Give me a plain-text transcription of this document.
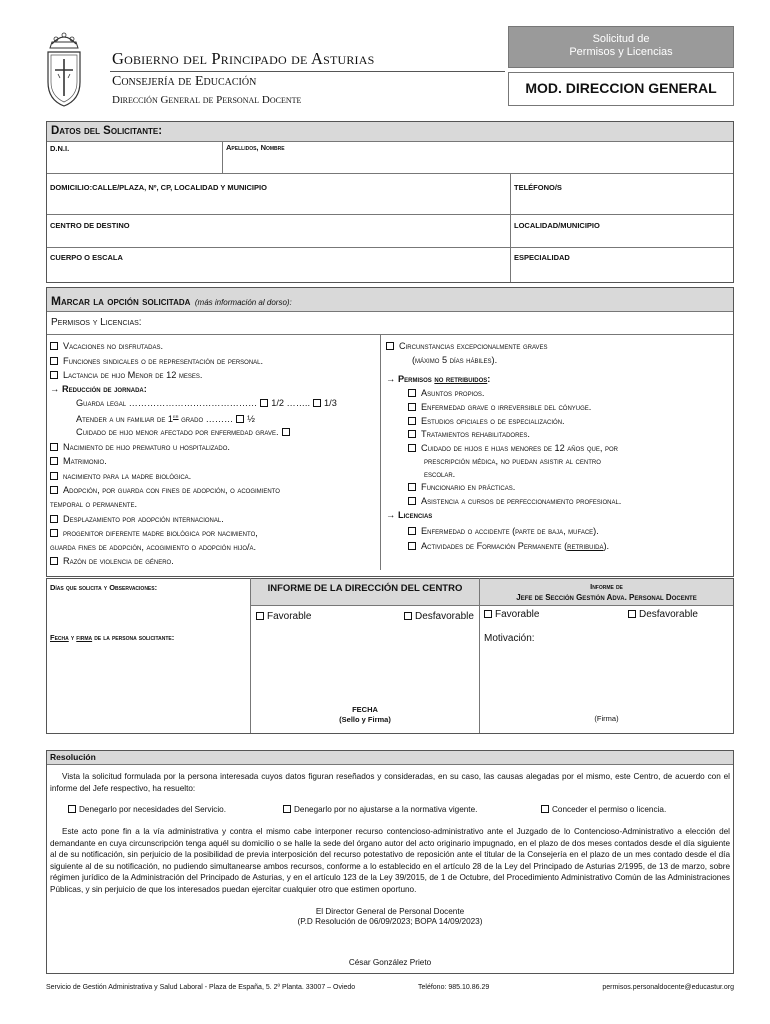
Gobierno del Principado de Asturias
Consejería de Educación
Dirección General de Personal Docente
Solicitud de
Permisos y Licencias
MOD. DIRECCION GENERAL
Datos del Solicitante:
D.N.I.	Apellidos, Nombre
DOMICILIO:CALLE/PLAZA, Nº, CP, LOCALIDAD Y MUNICIPIO	TELÉFONO/S
CENTRO DE DESTINO	LOCALIDAD/MUNICIPIO
CUERPO O ESCALA	ESPECIALIDAD
Marcar la opción solicitada (más información al dorso):
Permisos y Licencias:
Vacaciones no disfrutadas.
Funciones sindicales o de representación de personal.
Lactancia de hijo Menor de 12 meses.
→ Reducción de jornada:
Guarda legal …………………………………… 1/2 …….. 1/3
Atender a un familiar de 1er grado ……… ½
Cuidado de hijo menor afectado por enfermedad grave.
Nacimiento de hijo prematuro u hospitalizado.
Matrimonio.
nacimiento para la madre biológica.
Adopción, por guarda con fines de adopción, o acogimiento
temporal o permanente.
Desplazamiento por adopción internacional.
progenitor diferente madre biológica por nacimiento,
guarda fines de adopción, acogimiento o adopción hijo/a.
Razón de violencia de género.
Circunstancias excepcionalmente graves
(máximo 5 días hábiles).
→ Permisos no retribuidos:
Asuntos propios.
Enfermedad grave o irreversible del cónyuge.
Estudios oficiales o de especialización.
Tratamientos rehabilitadores.
Cuidado de hijos e hijas menores de 12 años que, por
prescripción médica, no puedan asistir al centro
escolar.
Funcionario en prácticas.
Asistencia a cursos de perfeccionamiento profesional.
→ Licencias
Enfermedad o accidente (parte de baja, muface).
Actividades de Formación Permanente (retribuida).
Días que solicita y Observaciones:
Fecha y firma de la persona solicitante:
INFORME DE LA DIRECCIÓN DEL CENTRO
Favorable	Desfavorable
FECHA
(Sello y Firma)
Informe de
Jefe de Sección Gestión Adva. Personal Docente
Favorable	Desfavorable
Motivación:
(Firma)
Resolución
Vista la solicitud formulada por la persona interesada cuyos datos figuran reseñados y consideradas, en su caso, las causas alegadas por el mismo, este Centro, de acuerdo con el informe del Jefe respectivo, ha resuelto:
Denegarlo por necesidades del Servicio.	Denegarlo por no ajustarse a la normativa vigente.	Conceder el permiso o licencia.
Este acto pone fin a la vía administrativa y contra el mismo cabe interponer recurso contencioso-administrativo ante el Juzgado de lo Contencioso-Administrativo a elección del demandante en cuya circunscripción tenga aquél su domicilio o se halle la sede del órgano autor del acto originario impugnado, en el plazo de dos meses contados desde el día siguiente al de su notificación, sin perjuicio de la posibilidad de previa interposición del recurso potestativo de reposición ante el titular de la Consejería en el plazo de un mes contado desde el día siguiente al de su notificación, no pudiendo simultanearse ambos recursos, conforme a lo establecido en el artículo 28 de la Ley del Principado de Asturias 2/1995, de 13 de marzo, sobre régimen jurídico de la Administración del Principado de Asturias, y en el artículo 123 de la Ley 39/2015, de 1 de Octubre, del Procedimiento Administrativo Común de las Administraciones Públicas, y sin perjuicio de que los interesados puedan ejercitar cualquier otro que estimen oportuno.
El Director General de Personal Docente
(P.D Resolución de 06/09/2023; BOPA 14/09/2023)
César González Prieto
Servicio de Gestión Administrativa y Salud Laboral - Plaza de España, 5. 2º Planta. 33007 – Oviedo	Teléfono: 985.10.86.29	permisos.personaldocente@educastur.org
